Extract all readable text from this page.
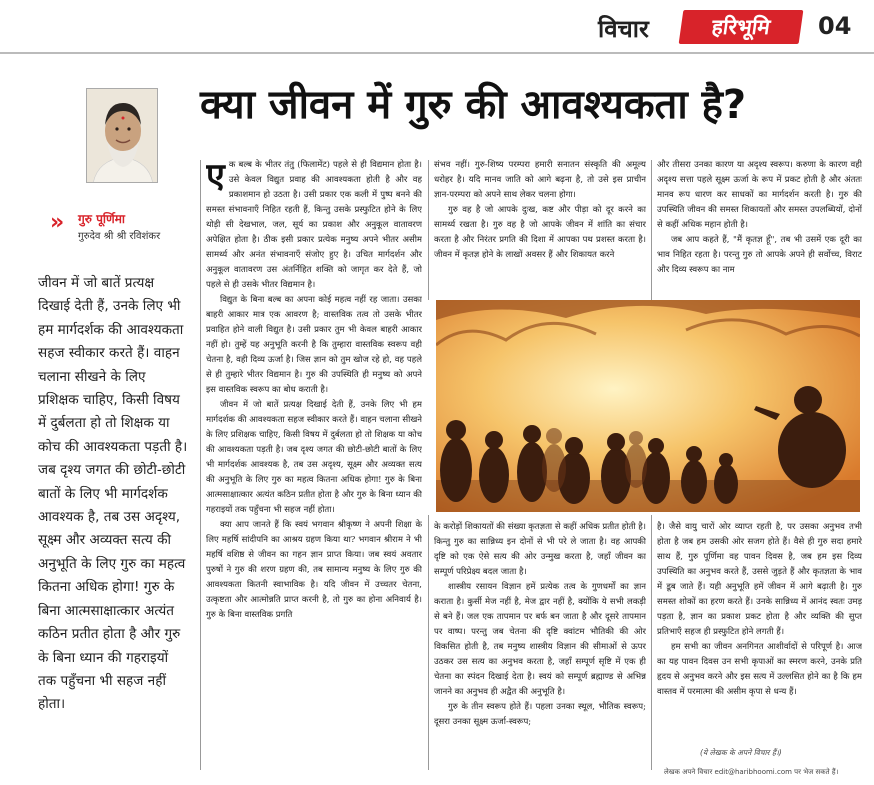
विचार	हरिभूमि	04
क्या जीवन में गुरु की आवश्यकता है?
» गुरु पूर्णिमा
गुरुदेव श्री श्री रविशंकर
जीवन में जो बातें प्रत्यक्ष दिखाई देती हैं, उनके लिए भी हम मार्गदर्शक की आवश्यकता सहज स्वीकार करते हैं। वाहन चलाना सीखने के लिए प्रशिक्षक चाहिए, किसी विषय में दुर्बलता हो तो शिक्षक या कोच की आवश्यकता पड़ती है। जब दृश्य जगत की छोटी-छोटी बातों के लिए भी मार्गदर्शक आवश्यक है, तब उस अदृश्य, सूक्ष्म और अव्यक्त सत्य की अनुभूति के लिए गुरु का महत्व कितना अधिक होगा! गुरु के बिना आत्मसाक्षात्कार अत्यंत कठिन प्रतीत होता है और गुरु के बिना ध्यान की गहराइयों तक पहुँचना भी सहज नहीं होता।
ए क बल्ब के भीतर तंतु (फिलामेंट) पहले से ही विद्यमान होता है। उसे केवल विद्युत प्रवाह की आवश्यकता होती है और वह प्रकाशमान हो उठता है। उसी प्रकार एक कली में पुष्प बनने की समस्त संभावनाएँ निहित रहती हैं, किन्तु उसके प्रस्फुटित होने के लिए थोड़ी सी देखभाल, जल, सूर्य का प्रकाश और अनुकूल वातावरण अपेक्षित होता है। ठीक इसी प्रकार प्रत्येक मनुष्य अपने भीतर असीम सामर्थ्य और अनंत संभावनाएँ संजोए हुए है। उचित मार्गदर्शन और अनुकूल वातावरण उस अंतर्निहित शक्ति को जागृत कर देते हैं, जो पहले से ही उसके भीतर विद्यमान है।

विद्युत के बिना बल्ब का अपना कोई महत्व नहीं रह जाता। उसका बाहरी आकार मात्र एक आवरण है; वास्तविक तत्व तो उसके भीतर प्रवाहित होने वाली विद्युत है। उसी प्रकार तुम भी केवल बाहरी आकार नहीं हो। तुम्हें यह अनुभूति करनी है कि तुम्हारा वास्तविक स्वरूप वही चेतना है, वही दिव्य ऊर्जा है। जिस ज्ञान को तुम खोज रहे हो, वह पहले से ही तुम्हारे भीतर विद्यमान है। गुरु की उपस्थिति ही मनुष्य को अपने इस वास्तविक स्वरूप का बोध कराती है।

जीवन में जो बातें प्रत्यक्ष दिखाई देती हैं, उनके लिए भी हम मार्गदर्शक की आवश्यकता सहज स्वीकार करते हैं। वाहन चलाना सीखने के लिए प्रशिक्षक चाहिए, किसी विषय में दुर्बलता हो तो शिक्षक या कोच की आवश्यकता पड़ती है। जब दृश्य जगत की छोटी-छोटी बातों के लिए भी मार्गदर्शक आवश्यक है, तब उस अदृश्य, सूक्ष्म और अव्यक्त सत्य की अनुभूति के लिए गुरु का महत्व कितना अधिक होगा! गुरु के बिना आत्मसाक्षात्कार अत्यंत कठिन प्रतीत होता है और गुरु के बिना ध्यान की गहराइयों तक पहुँचना भी सहज नहीं होता।

क्या आप जानते हैं कि स्वयं भगवान श्रीकृष्ण ने अपनी शिक्षा के लिए महर्षि सांदीपनि का आश्रय ग्रहण किया था? भगवान श्रीराम ने भी महर्षि वशिष्ठ से जीवन का गहन ज्ञान प्राप्त किया। जब स्वयं अवतार पुरुषों ने गुरु की शरण ग्रहण की, तब सामान्य मनुष्य के लिए गुरु की आवश्यकता कितनी स्वाभाविक है। यदि जीवन में उच्चतर चेतना, उत्कृष्टता और आत्मोन्नति प्राप्त करनी है, तो गुरु का होना अनिवार्य है। गुरु के बिना वास्तविक प्रगति

संभव नहीं। गुरु-शिष्य परम्परा हमारी सनातन संस्कृति की अमूल्य धरोहर है। यदि मानव जाति को आगे बढ़ना है, तो उसे इस प्राचीन ज्ञान-परम्परा को अपने साथ लेकर चलना होगा।

गुरु वह है जो आपके दुःख, कष्ट और पीड़ा को दूर करने का सामर्थ्य रखता है। गुरु वह है जो आपके जीवन में शांति का संचार करता है और निरंतर प्रगति की दिशा में आपका पथ प्रशस्त करता है। जीवन में कृतज्ञ होने के लाखों अवसर हैं और शिकायत करने

और तीसरा उनका कारण या अदृश्य स्वरूप। करुणा के कारण वही अदृश्य सत्ता पहले सूक्ष्म ऊर्जा के रूप में प्रकट होती है और अंततः मानव रूप धारण कर साधकों का मार्गदर्शन करती है। गुरु की उपस्थिति जीवन की समस्त शिकायतों और समस्त उपलब्धियों, दोनों से कहीं अधिक महान होती है।

जब आप कहते हैं, "मैं कृतज्ञ हूँ", तब भी उसमें एक दूरी का भाव निहित रहता है। परन्तु गुरु तो आपके अपने ही सर्वोच्च, विराट और दिव्य स्वरूप का नाम

के करोड़ों शिकायतों की संख्या कृतज्ञता से कहीं अधिक प्रतीत होती है। किन्तु गुरु का सान्निध्य इन दोनों से भी परे ले जाता है। वह आपकी दृष्टि को एक ऐसे सत्य की ओर उन्मुख करता है, जहाँ जीवन का सम्पूर्ण परिप्रेक्ष्य बदल जाता है।

शास्त्रीय रसायन विज्ञान हमें प्रत्येक तत्व के गुणधर्मों का ज्ञान कराता है। कुर्सी मेज नहीं है, मेज द्वार नहीं है, क्योंकि ये सभी लकड़ी से बने हैं। जल एक तापमान पर बर्फ बन जाता है और दूसरे तापमान पर वाष्प। परन्तु जब चेतना की दृष्टि क्वांटम भौतिकी की ओर विकसित होती है, तब मनुष्य शास्त्रीय विज्ञान की सीमाओं से ऊपर उठकर उस सत्य का अनुभव करता है, जहाँ सम्पूर्ण सृष्टि में एक ही चेतना का स्पंदन दिखाई देता है। स्वयं को सम्पूर्ण ब्रह्माण्ड से अभिन्न जानने का अनुभव ही अद्वैत की अनुभूति है।

गुरु के तीन स्वरूप होते हैं। पहला उनका स्थूल, भौतिक स्वरूप; दूसरा उनका सूक्ष्म ऊर्जा-स्वरूप;

है। जैसे वायु चारों ओर व्याप्त रहती है, पर उसका अनुभव तभी होता है जब हम उसकी ओर सजग होते हैं। वैसे ही गुरु सदा हमारे साथ हैं, गुरु पूर्णिमा वह पावन दिवस है, जब हम इस दिव्य उपस्थिति का अनुभव करते हैं, उससे जुड़ते हैं और कृतज्ञता के भाव में डूब जाते हैं। यही अनुभूति हमें जीवन में आगे बढ़ाती है। गुरु समस्त शोकों का हरण करते हैं। उनके सान्निध्य में आनंद स्वतः उमड़ पड़ता है, ज्ञान का प्रकाश प्रकट होता है और व्यक्ति की सुप्त प्रतिभाएँ सहज ही प्रस्फुटित होने लगती हैं।

हम सभी का जीवन अनगिनत आशीर्वादों से परिपूर्ण है। आज का यह पावन दिवस उन सभी कृपाओं का स्मरण करने, उनके प्रति हृदय से अनुभव करने और इस सत्य में उल्लसित होने का है कि हम वास्तव में परमात्मा की असीम कृपा से धन्य हैं।

(ये लेखक के अपने विचार हैं।)
लेखक अपने विचार edit@haribhoomi.com पर भेज सकते हैं।
